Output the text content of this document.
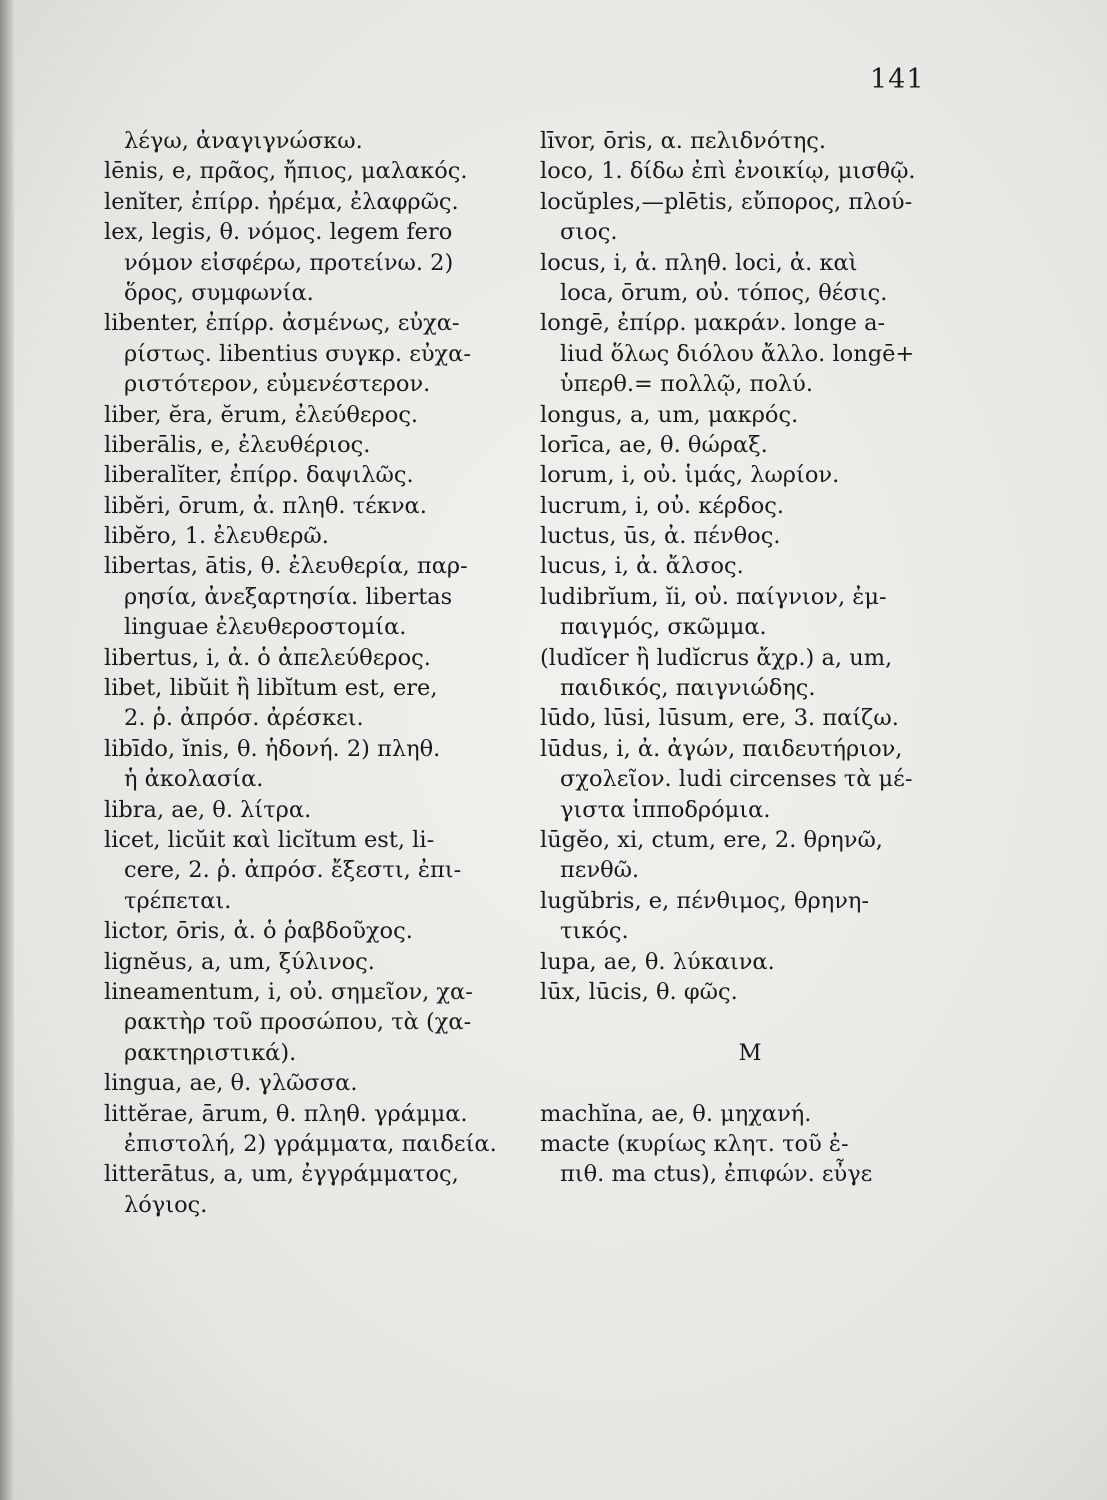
141
λέγω, ἀναγιγνώσκω.
lēnis, e, πρᾶος, ἤπιος, μαλακός.
lenĭter, ἐπίρρ. ἠρέμα, ἐλαφρῶς.
lex, legis, θ. νόμος. legem fero
νόμον εἰσφέρω, προτείνω. 2)
ὅρος, συμφωνία.
libenter, ἐπίρρ. ἀσμένως, εὐχα-
ρίστως. libentius συγκρ. εὐχα-
ριστότερον, εὐμενέστερον.
liber, ĕra, ĕrum, ἐλεύθερος.
liberālis, e, ἐλευθέριος.
liberalĭter, ἐπίρρ. δαψιλῶς.
libĕri, ōrum, ἀ. πληθ. τέκνα.
libĕro, 1. ἐλευθερῶ.
libertas, ātis, θ. ἐλευθερία, παρ-
ρησία, ἀνεξαρτησία. libertas
linguae ἐλευθεροστομία.
libertus, i, ἀ. ὁ ἀπελεύθερος.
libet, libŭit ἢ libĭtum est, ere,
2. ῥ. ἀπρόσ. ἀρέσκει.
libīdo, ĭnis, θ. ἡδονή. 2) πληθ.
ἡ ἀκολασία.
libra, ae, θ. λίτρα.
licet, licŭit καὶ licĭtum est, li-
cere, 2. ῥ. ἀπρόσ. ἔξεστι, ἐπι-
τρέπεται.
lictor, ōris, ἀ. ὁ ῥαβδοῦχος.
lignĕus, a, um, ξύλινος.
lineamentum, i, οὐ. σημεῖον, χα-
ρακτὴρ τοῦ προσώπου, τὰ (χα-
ρακτηριστικά).
lingua, ae, θ. γλῶσσα.
littĕrae, ārum, θ. πληθ. γράμμα.
ἐπιστολή, 2) γράμματα, παιδεία.
litterātus, a, um, ἐγγράμματος,
λόγιος.
līvor, ōris, α. πελιδνότης.
loco, 1. δίδω ἐπὶ ἐνοικίῳ, μισθῷ.
locŭples,—plētis, εὔπορος, πλού-
σιος.
locus, i, ἀ. πληθ. loci, ἀ. καὶ
loca, ōrum, οὐ. τόπος, θέσις.
longē, ἐπίρρ. μακράν. longe a-
liud ὅλως διόλου ἄλλο. longē+
ὑπερθ.= πολλῷ, πολύ.
longus, a, um, μακρός.
lorīca, ae, θ. θώραξ.
lorum, i, οὐ. ἱμάς, λωρίον.
lucrum, i, οὐ. κέρδος.
luctus, ūs, ἀ. πένθος.
lucus, i, ἀ. ἄλσος.
ludibrĭum, ĭi, οὐ. παίγνιον, ἐμ-
παιγμός, σκῶμμα.
(ludĭcer ἢ ludĭcrus ἄχρ.) a, um,
παιδικός, παιγνιώδης.
lūdo, lūsi, lūsum, ere, 3. παίζω.
lūdus, i, ἀ. ἀγών, παιδευτήριον,
σχολεῖον. ludi circenses τὰ μέ-
γιστα ἱπποδρόμια.
lūgĕo, xi, ctum, ere, 2. θρηνῶ,
πενθῶ.
lugŭbris, e, πένθιμος, θρηνη-
τικός.
lupa, ae, θ. λύκαινα.
lūx, lūcis, θ. φῶς.
M
machĭna, ae, θ. μηχανή.
macte (κυρίως κλητ. τοῦ ἐ-
πιθ. ma ctus), ἐπιφών. εὖγε
